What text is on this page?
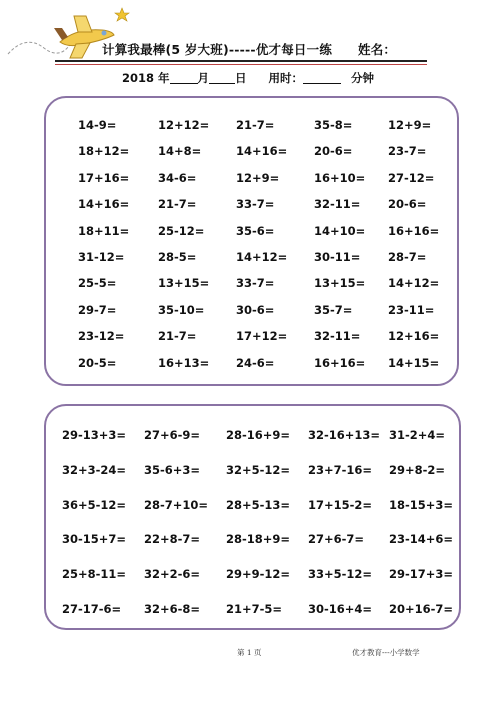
计算我最棒(5 岁大班)-----优才每日一练 姓名：
2018 年 月 日 用时：	分钟
14-9=	12+12= 21-7=	35-8=	12+9=
18+12= 14+8=	14+16= 20-6=	23-7=
17+16= 34-6=	12+9=	16+10= 27-12=
14+16= 21-7=	33-7=	32-11= 20-6=
18+11= 25-12=	35-6=	14+10= 16+16=
31-12=	28-5=	14+12= 30-11= 28-7=
25-5=	13+15= 33-7=	13+15= 14+12=
29-7=	35-10=	30-6=	35-7=	23-11=
23-12=	21-7=	17+12= 32-11= 12+16=
20-5=	16+13= 24-6=	16+16= 14+15=
29-13+3= 27+6-9= 28-16+9= 32-16+13= 31-2+4=
32+3-24= 35-6+3= 32+5-12= 23+7-16= 29+8-2=
36+5-12= 28-7+10= 28+5-13= 17+15-2= 18-15+3=
30-15+7= 22+8-7= 28-18+9= 27+6-7= 23-14+6=
25+8-11= 32+2-6= 29+9-12= 33+5-12= 29-17+3=
27-17-6= 32+6-8= 21+7-5= 30-16+4= 20+16-7=
第 1 页	优才教育---小学数学
